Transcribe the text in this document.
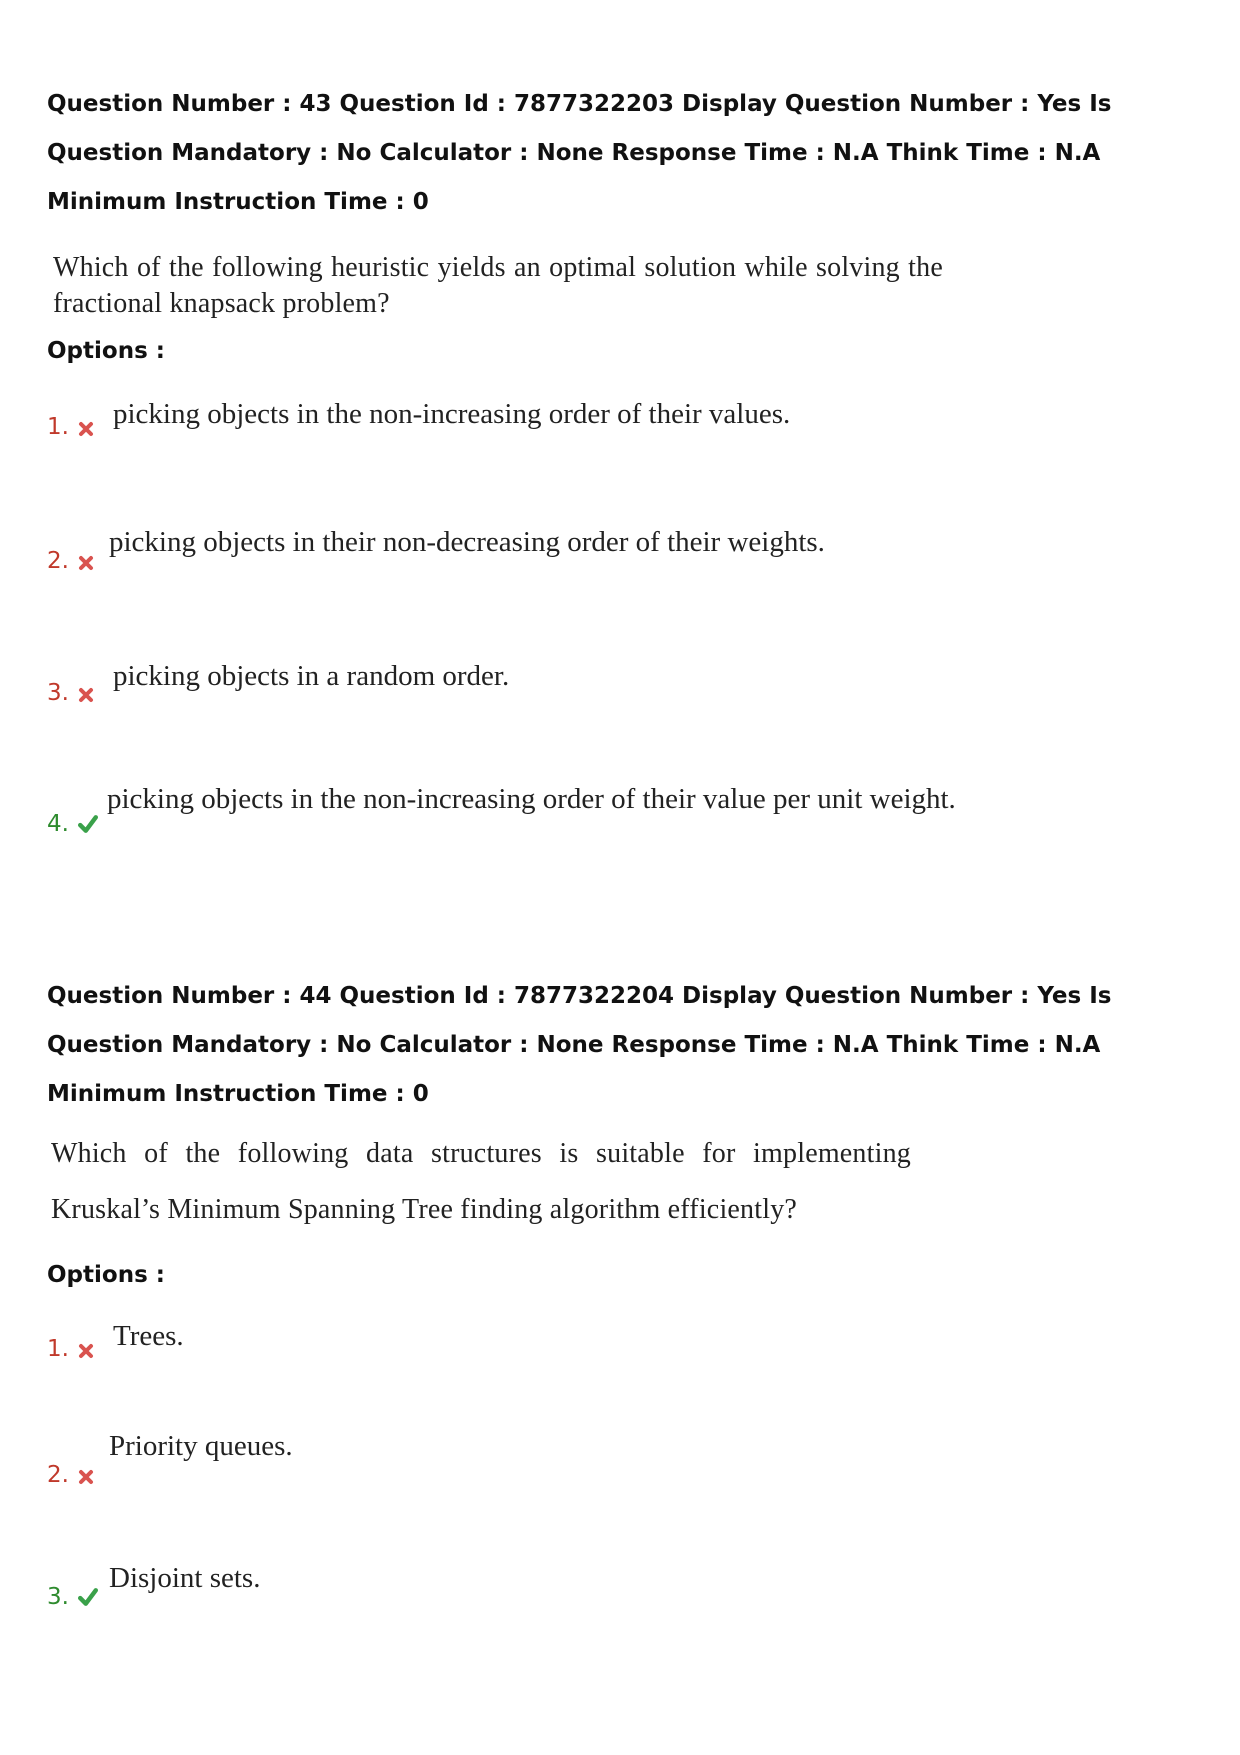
Question Number : 43 Question Id : 7877322203 Display Question Number : Yes Is Question Mandatory : No Calculator : None Response Time : N.A Think Time : N.A Minimum Instruction Time : 0

Which of the following heuristic yields an optimal solution while solving the fractional knapsack problem?
Options :
1. picking objects in the non-increasing order of their values.
2.
picking objects in their non-decreasing order of their weights.
3.
picking objects in a random order.
4.
picking objects in the non-increasing order of their value per unit weight.

Question Number : 44 Question Id : 7877322204 Display Question Number : Yes Is Question Mandatory : No Calculator : None Response Time : N.A Think Time : N.A Minimum Instruction Time : 0

Which of the following data structures is suitable for implementing Kruskal’s Minimum Spanning Tree finding algorithm efficiently?
Options :
1. Trees.
2.
Priority queues.
3.
Disjoint sets.
